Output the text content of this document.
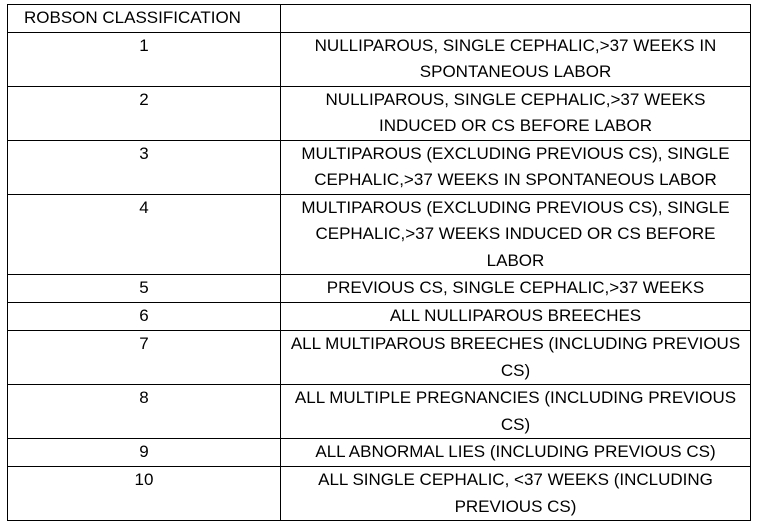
ROBSON CLASSIFICATION	
1	NULLIPAROUS, SINGLE CEPHALIC,>37 WEEKS IN SPONTANEOUS LABOR
2	NULLIPAROUS, SINGLE CEPHALIC,>37 WEEKS INDUCED OR CS BEFORE LABOR
3	MULTIPAROUS (EXCLUDING PREVIOUS CS), SINGLE CEPHALIC,>37 WEEKS IN SPONTANEOUS LABOR
4	MULTIPAROUS (EXCLUDING PREVIOUS CS), SINGLE CEPHALIC,>37 WEEKS INDUCED OR CS BEFORE LABOR
5	PREVIOUS CS, SINGLE CEPHALIC,>37 WEEKS
6	ALL NULLIPAROUS BREECHES
7	ALL MULTIPAROUS BREECHES (INCLUDING PREVIOUS CS)
8	ALL MULTIPLE PREGNANCIES (INCLUDING PREVIOUS CS)
9	ALL ABNORMAL LIES (INCLUDING PREVIOUS CS)
10	ALL SINGLE CEPHALIC, <37 WEEKS (INCLUDING PREVIOUS CS)
